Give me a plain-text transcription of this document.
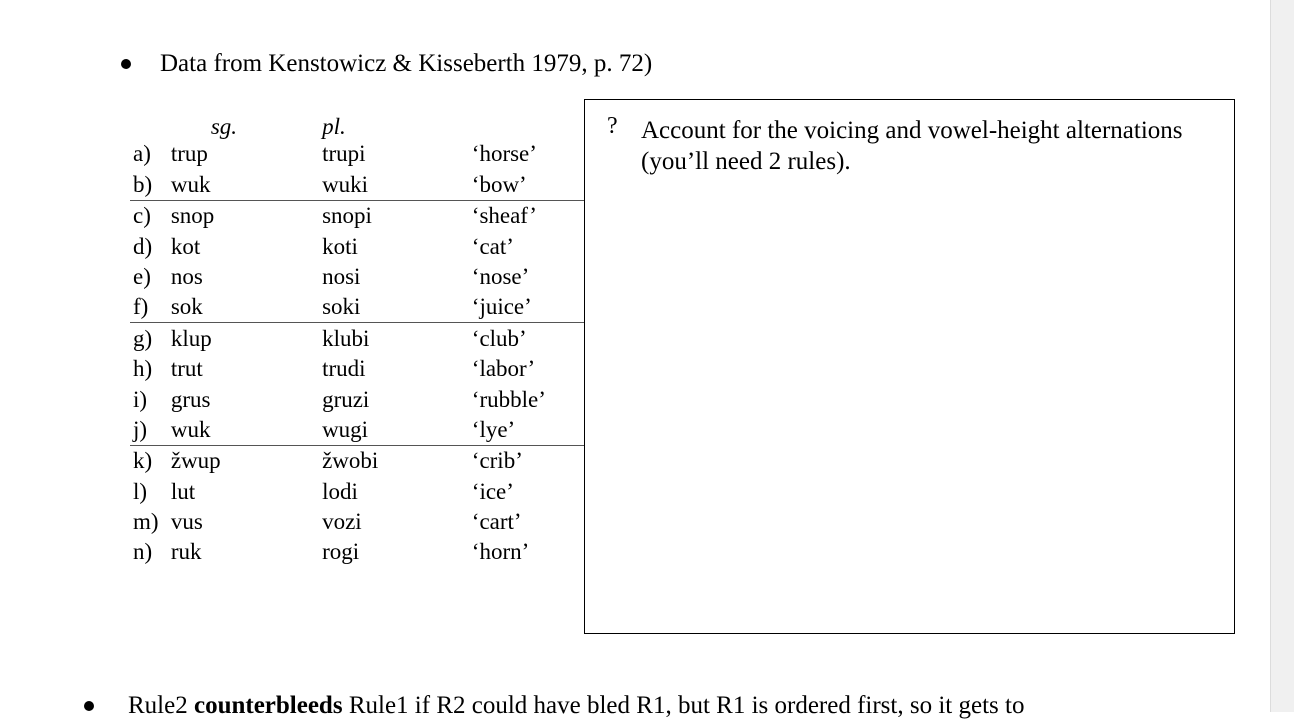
Data from Kenstowicz & Kisseberth 1979, p. 72)
	sg.	pl.	
a)	trup	trupi	‘horse’
b)	wuk	wuki	‘bow’
c)	snop	snopi	‘sheaf’
d)	kot	koti	‘cat’
e)	nos	nosi	‘nose’
f)	sok	soki	‘juice’
g)	klup	klubi	‘club’
h)	trut	trudi	‘labor’
i)	grus	gruzi	‘rubble’
j)	wuk	wugi	‘lye’
k)	žwup	žwobi	‘crib’
l)	lut	lodi	‘ice’
m)	vus	vozi	‘cart’
n)	ruk	rogi	‘horn’
? Account for the voicing and vowel-height alternations (you’ll need 2 rules).
Rule2 counterbleeds Rule1 if R2 could have bled R1, but R1 is ordered first, so it gets to
